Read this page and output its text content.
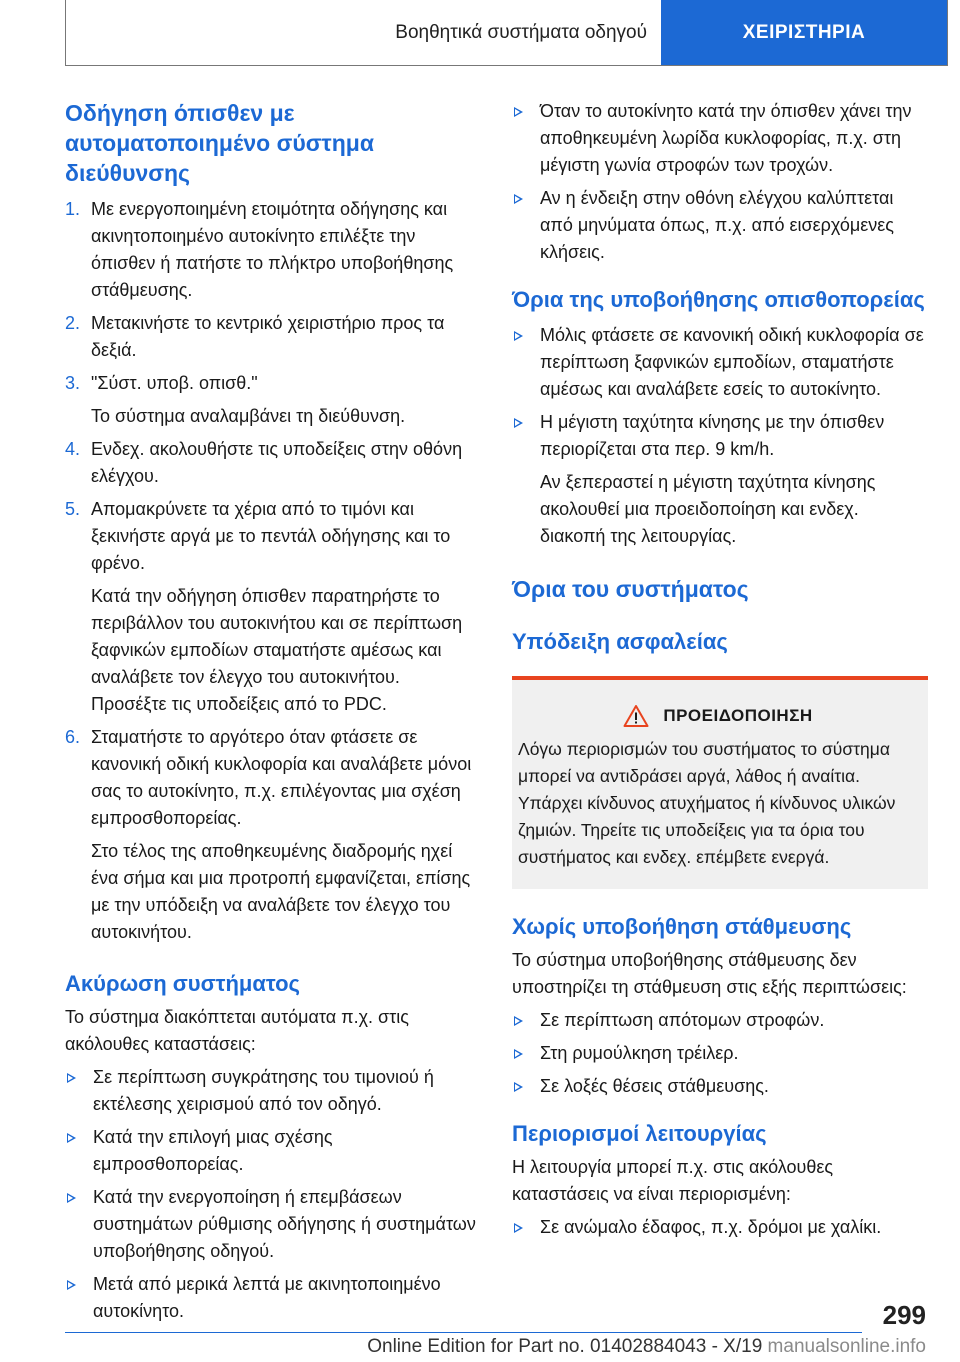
Βοηθητικά συστήματα οδηγού	ΧΕΙΡΙΣΤΗΡΙΑ
Οδήγηση όπισθεν με αυτοματοποιημένο σύστημα διεύθυνσης
1. Με ενεργοποιημένη ετοιμότητα οδήγησης και ακινητοποιημένο αυτοκίνητο επιλέξτε την όπισθεν ή πατήστε το πλήκτρο υποβοήθησης στάθμευσης.
2. Μετακινήστε το κεντρικό χειριστήριο προς τα δεξιά.
3. "Σύστ. υποβ. οπισθ."
Το σύστημα αναλαμβάνει τη διεύθυνση.
4. Ενδεχ. ακολουθήστε τις υποδείξεις στην οθόνη ελέγχου.
5. Απομακρύνετε τα χέρια από το τιμόνι και ξεκινήστε αργά με το πεντάλ οδήγησης και το φρένο.
Κατά την οδήγηση όπισθεν παρατηρήστε το περιβάλλον του αυτοκινήτου και σε περίπτωση ξαφνικών εμποδίων σταματήστε αμέσως και αναλάβετε τον έλεγχο του αυτοκινήτου. Προσέξτε τις υποδείξεις από το PDC.
6. Σταματήστε το αργότερο όταν φτάσετε σε κανονική οδική κυκλοφορία και αναλάβετε μόνοι σας το αυτοκίνητο, π.χ. επιλέγοντας μια σχέση εμπροσθοπορείας.
Στο τέλος της αποθηκευμένης διαδρομής ηχεί ένα σήμα και μια προτροπή εμφανίζεται, επίσης με την υπόδειξη να αναλάβετε τον έλεγχο του αυτοκινήτου.
Ακύρωση συστήματος

Το σύστημα διακόπτεται αυτόματα π.χ. στις ακόλουθες καταστάσεις:

Σε περίπτωση συγκράτησης του τιμονιού ή εκτέλεσης χειρισμού από τον οδηγό.
Κατά την επιλογή μιας σχέσης εμπροσθοπορείας.
Κατά την ενεργοποίηση ή επεμβάσεων συστημάτων ρύθμισης οδήγησης ή συστημάτων υποβοήθησης οδηγού.
Μετά από μερικά λεπτά με ακινητοποιημένο αυτοκίνητο.
Όταν το αυτοκίνητο κατά την όπισθεν χάνει την αποθηκευμένη λωρίδα κυκλοφορίας, π.χ. στη μέγιστη γωνία στροφών των τροχών.
Αν η ένδειξη στην οθόνη ελέγχου καλύπτεται από μηνύματα όπως, π.χ. από εισερχόμενες κλήσεις.
Όρια της υποβοήθησης οπισθοπορείας
Μόλις φτάσετε σε κανονική οδική κυκλοφορία σε περίπτωση ξαφνικών εμποδίων, σταματήστε αμέσως και αναλάβετε εσείς το αυτοκίνητο.
Η μέγιστη ταχύτητα κίνησης με την όπισθεν περιορίζεται στα περ. 9 km/h.
Αν ξεπεραστεί η μέγιστη ταχύτητα κίνησης ακολουθεί μια προειδοποίηση και ενδεχ. διακοπή της λειτουργίας.
Όρια του συστήματος
Υπόδειξη ασφαλείας
ΠΡΟΕΙΔΟΠΟΙΗΣΗ

Λόγω περιορισμών του συστήματος το σύστημα μπορεί να αντιδράσει αργά, λάθος ή αναίτια. Υπάρχει κίνδυνος ατυχήματος ή κίνδυνος υλικών ζημιών. Τηρείτε τις υποδείξεις για τα όρια του συστήματος και ενδεχ. επέμβετε ενεργά.

Χωρίς υποβοήθηση στάθμευσης

Το σύστημα υποβοήθησης στάθμευσης δεν υποστηρίζει τη στάθμευση στις εξής περιπτώσεις:

Σε περίπτωση απότομων στροφών.
Στη ρυμούλκηση τρέιλερ.
Σε λοξές θέσεις στάθμευσης.
Περιορισμοί λειτουργίας

Η λειτουργία μπορεί π.χ. στις ακόλουθες καταστάσεις να είναι περιορισμένη:

Σε ανώμαλο έδαφος, π.χ. δρόμοι με χαλίκι.
299
Online Edition for Part no. 01402884043 - X/19 manualsonline.info
